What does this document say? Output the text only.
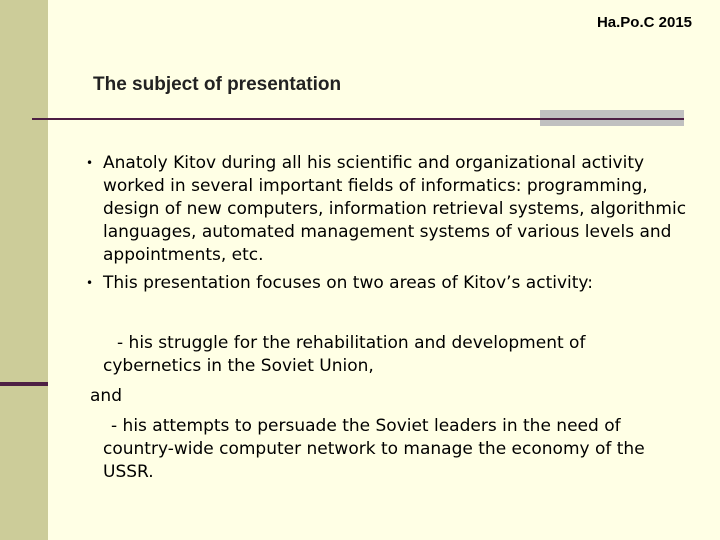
Ha.Po.C 2015
The subject of presentation
• Anatoly Kitov during all his scientific and organizational activity worked in several important fields of informatics: programming, design of new computers, information retrieval systems, algorithmic languages, automated management systems of various levels and appointments, etc.
• This presentation focuses on two areas of Kitov’s activity:
- his struggle for the rehabilitation and development of cybernetics in the Soviet Union,
and
- his attempts to persuade the Soviet leaders in the need of country-wide computer network to manage the economy of the USSR.
